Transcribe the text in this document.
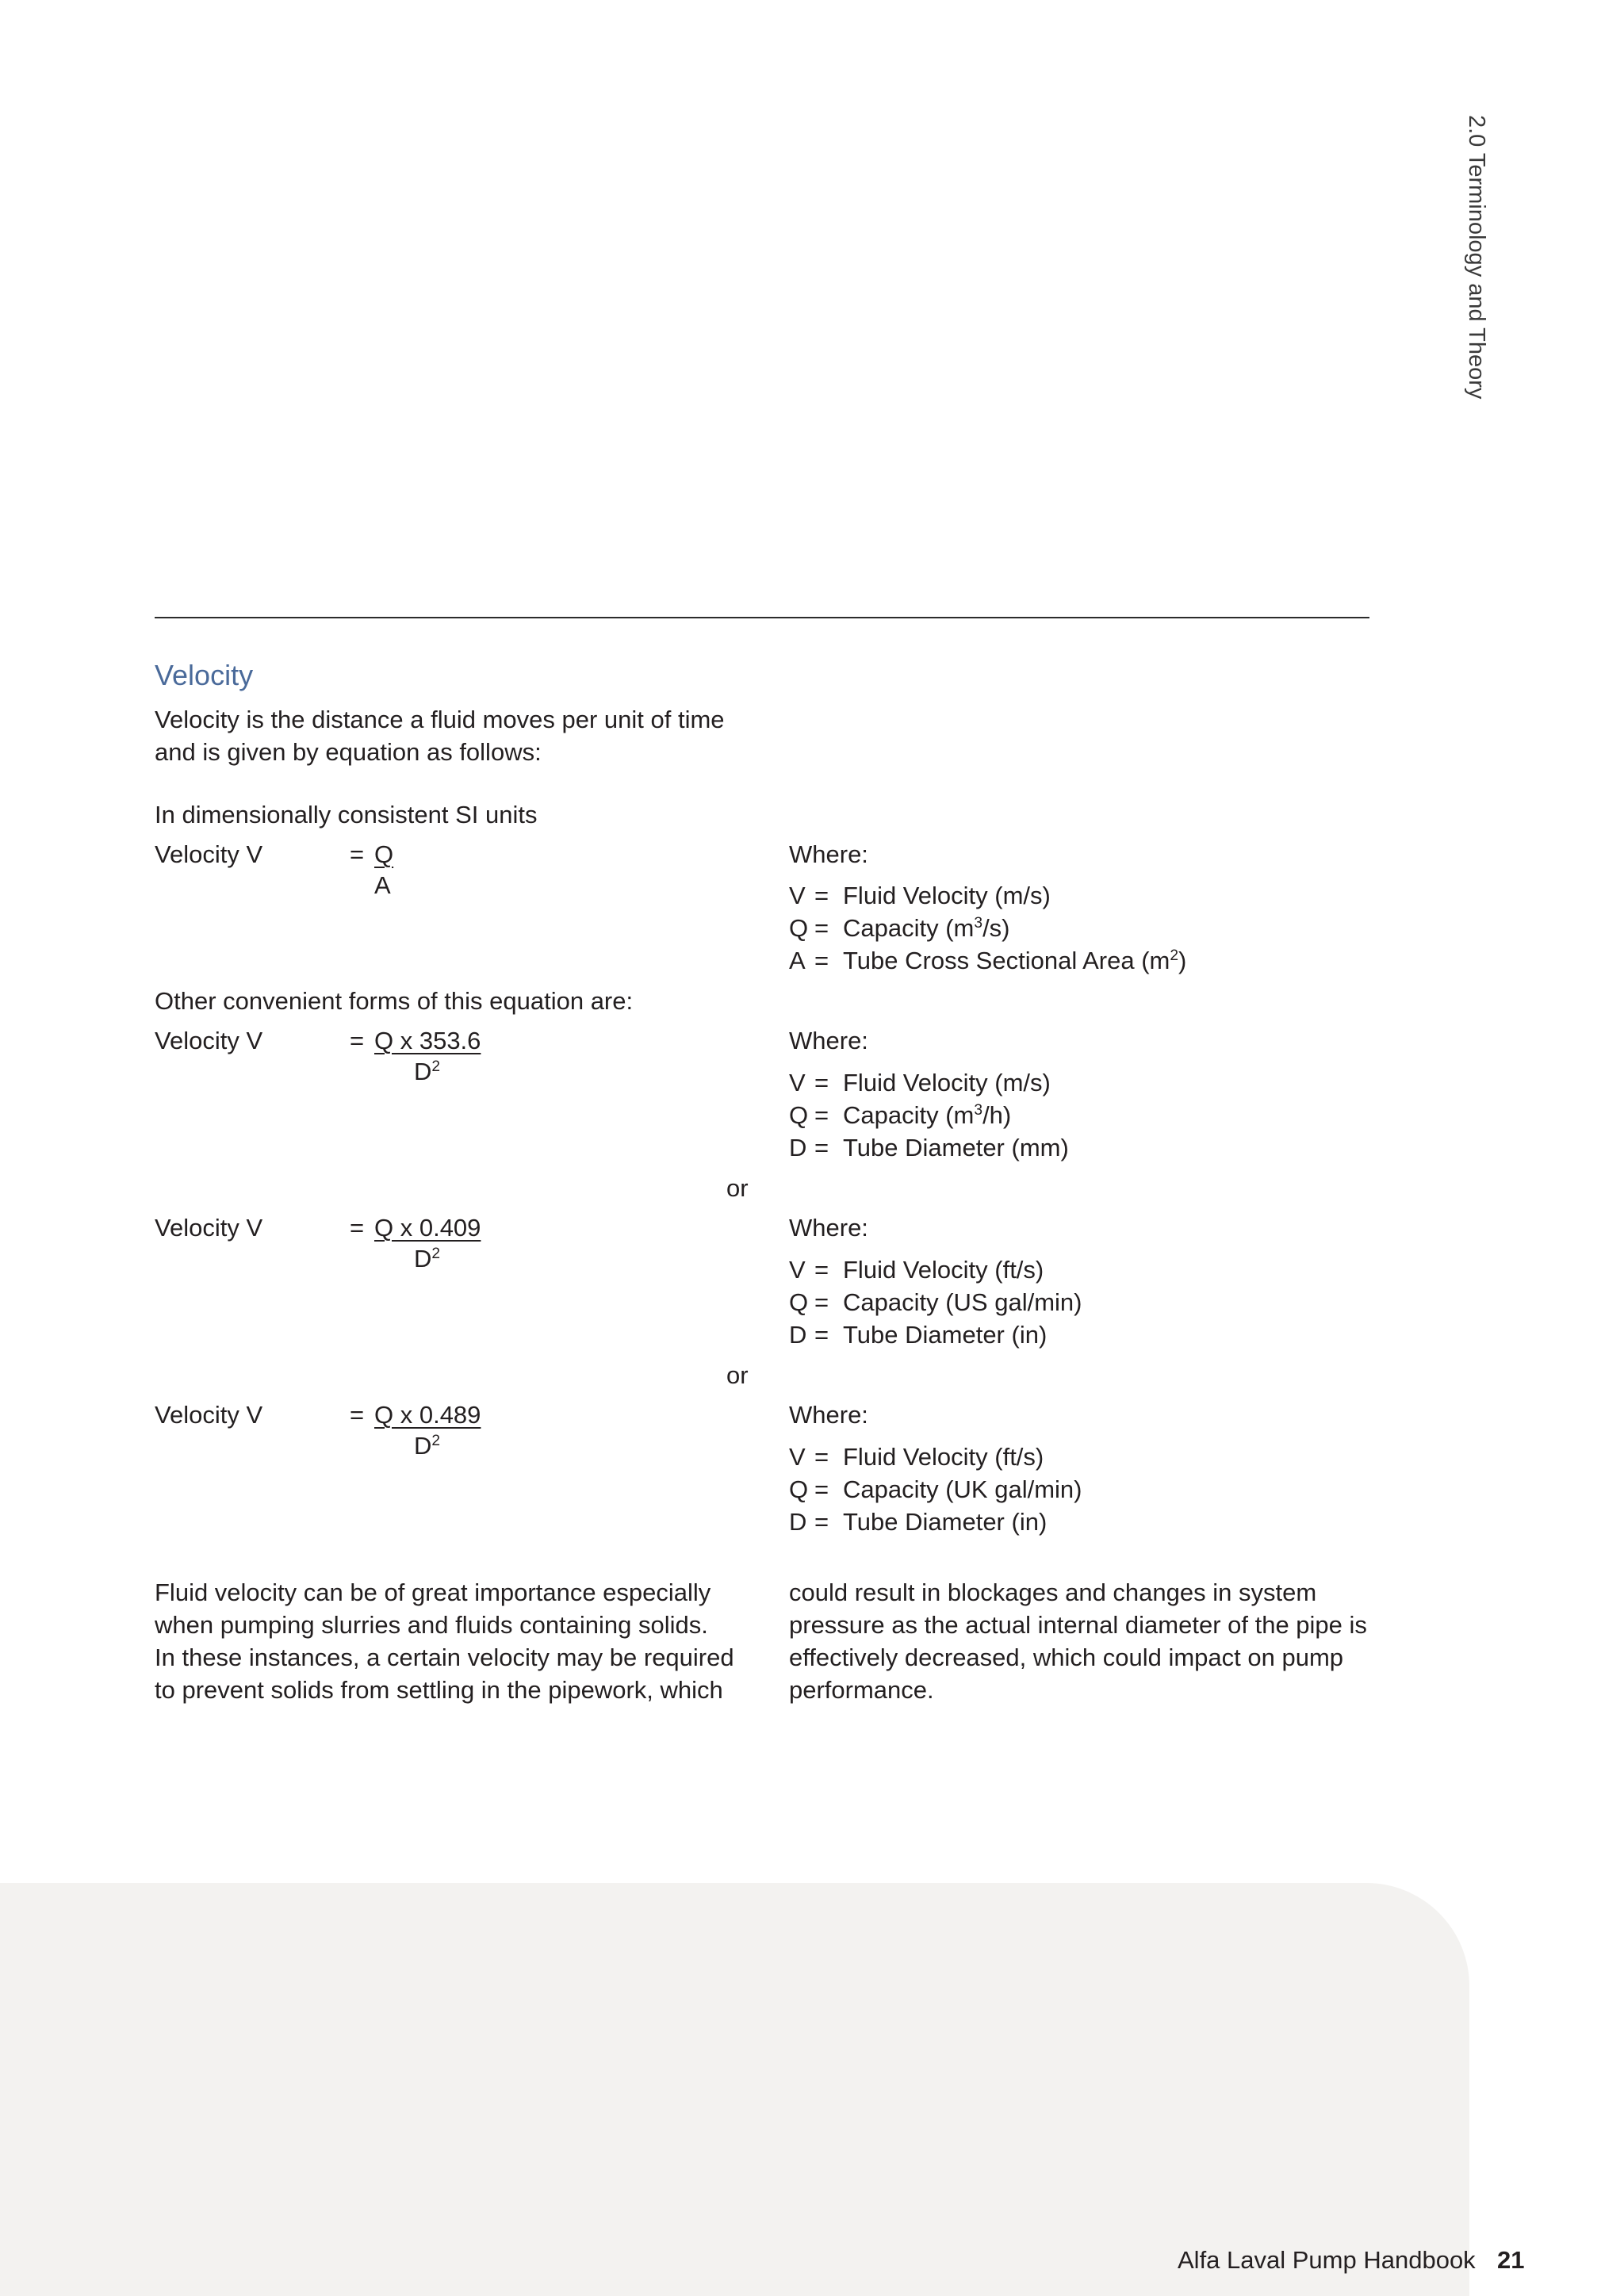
2.0 Terminology and Theory
Velocity
Velocity is the distance a fluid moves per unit of time
and is given by equation as follows:
In dimensionally consistent SI units
Velocity V	= Q
A
Where:
V = Fluid Velocity (m/s)
Q = Capacity $(m^3/s)$
A = Tube Cross Sectional Area $(m^2)$
Other convenient forms of this equation are:
Velocity V	= Q x 353.6
$D^2$
Where:
V = Fluid Velocity (m/s)
Q = Capacity $(m^3/h)$
D = Tube Diameter (mm)
or
Velocity V	= Q x 0.409
$D^2$
Where:
V = Fluid Velocity (ft/s)
Q = Capacity (US gal/min)
D = Tube Diameter (in)
or
Velocity V	= Q x 0.489
$D^2$
Where:
V = Fluid Velocity (ft/s)
Q = Capacity (UK gal/min)
D = Tube Diameter (in)
Fluid velocity can be of great importance especially
when pumping slurries and fluids containing solids.
In these instances, a certain velocity may be required
to prevent solids from settling in the pipework, which
could result in blockages and changes in system
pressure as the actual internal diameter of the pipe is
effectively decreased, which could impact on pump
performance.
Alfa Laval Pump Handbook 21
